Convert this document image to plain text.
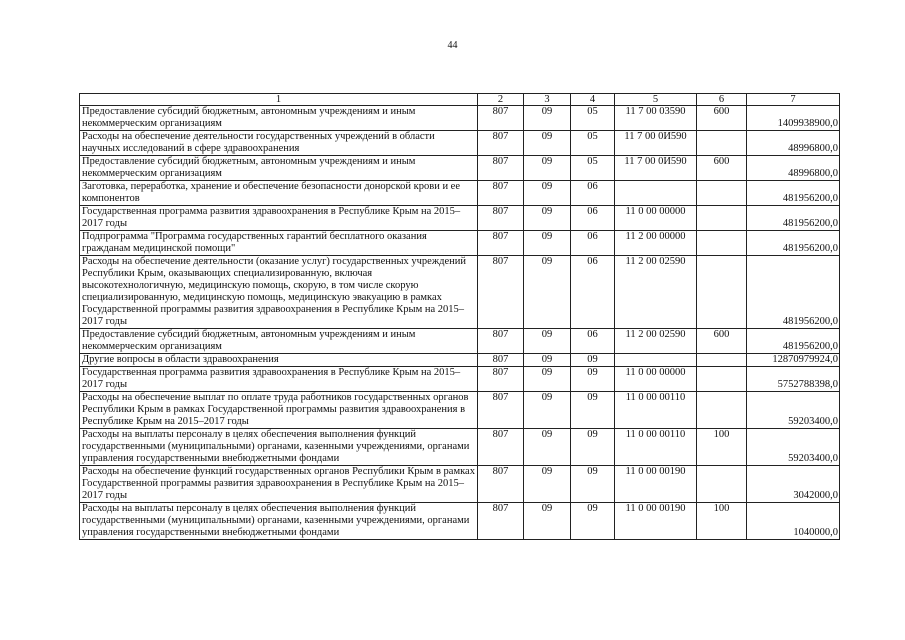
44
1	2	3	4	5	6	7
Предоставление субсидий бюджетным, автономным учреждениям и иным некоммерческим организациям	807	09	05	11 7 00 03590	600	1409938900,0
Расходы на обеспечение деятельности государственных учреждений в области научных исследований в сфере здравоохранения	807	09	05	11 7 00 0И590		48996800,0
Предоставление субсидий бюджетным, автономным учреждениям и иным некоммерческим организациям	807	09	05	11 7 00 0И590	600	48996800,0
Заготовка, переработка, хранение и обеспечение безопасности донорской крови и ее компонентов	807	09	06			481956200,0
Государственная программа развития здравоохранения в Республике Крым на 2015–2017 годы	807	09	06	11 0 00 00000		481956200,0
Подпрограмма "Программа государственных гарантий бесплатного оказания гражданам медицинской помощи"	807	09	06	11 2 00 00000		481956200,0
Расходы на обеспечение деятельности (оказание услуг) государственных учреждений Республики Крым, оказывающих специализированную, включая высокотехнологичную, медицинскую помощь, скорую, в том числе скорую специализированную, медицинскую помощь, медицинскую эвакуацию в рамках Государственной программы развития здравоохранения в Республике Крым на 2015–2017 годы	807	09	06	11 2 00 02590		481956200,0
Предоставление субсидий бюджетным, автономным учреждениям и иным некоммерческим организациям	807	09	06	11 2 00 02590	600	481956200,0
Другие вопросы в области здравоохранения	807	09	09			12870979924,0
Государственная программа развития здравоохранения в Республике Крым на 2015–2017 годы	807	09	09	11 0 00 00000		5752788398,0
Расходы на обеспечение выплат по оплате труда работников государственных органов Республики Крым в рамках Государственной программы развития здравоохранения в Республике Крым на 2015–2017 годы	807	09	09	11 0 00 00110		59203400,0
Расходы на выплаты персоналу в целях обеспечения выполнения функций государственными (муниципальными) органами, казенными учреждениями, органами управления государственными внебюджетными фондами	807	09	09	11 0 00 00110	100	59203400,0
Расходы на обеспечение функций государственных органов Республики Крым в рамках Государственной программы развития здравоохранения в Республике Крым на 2015–2017 годы	807	09	09	11 0 00 00190		3042000,0
Расходы на выплаты персоналу в целях обеспечения выполнения функций государственными (муниципальными) органами, казенными учреждениями, органами управления государственными внебюджетными фондами	807	09	09	11 0 00 00190	100	1040000,0
